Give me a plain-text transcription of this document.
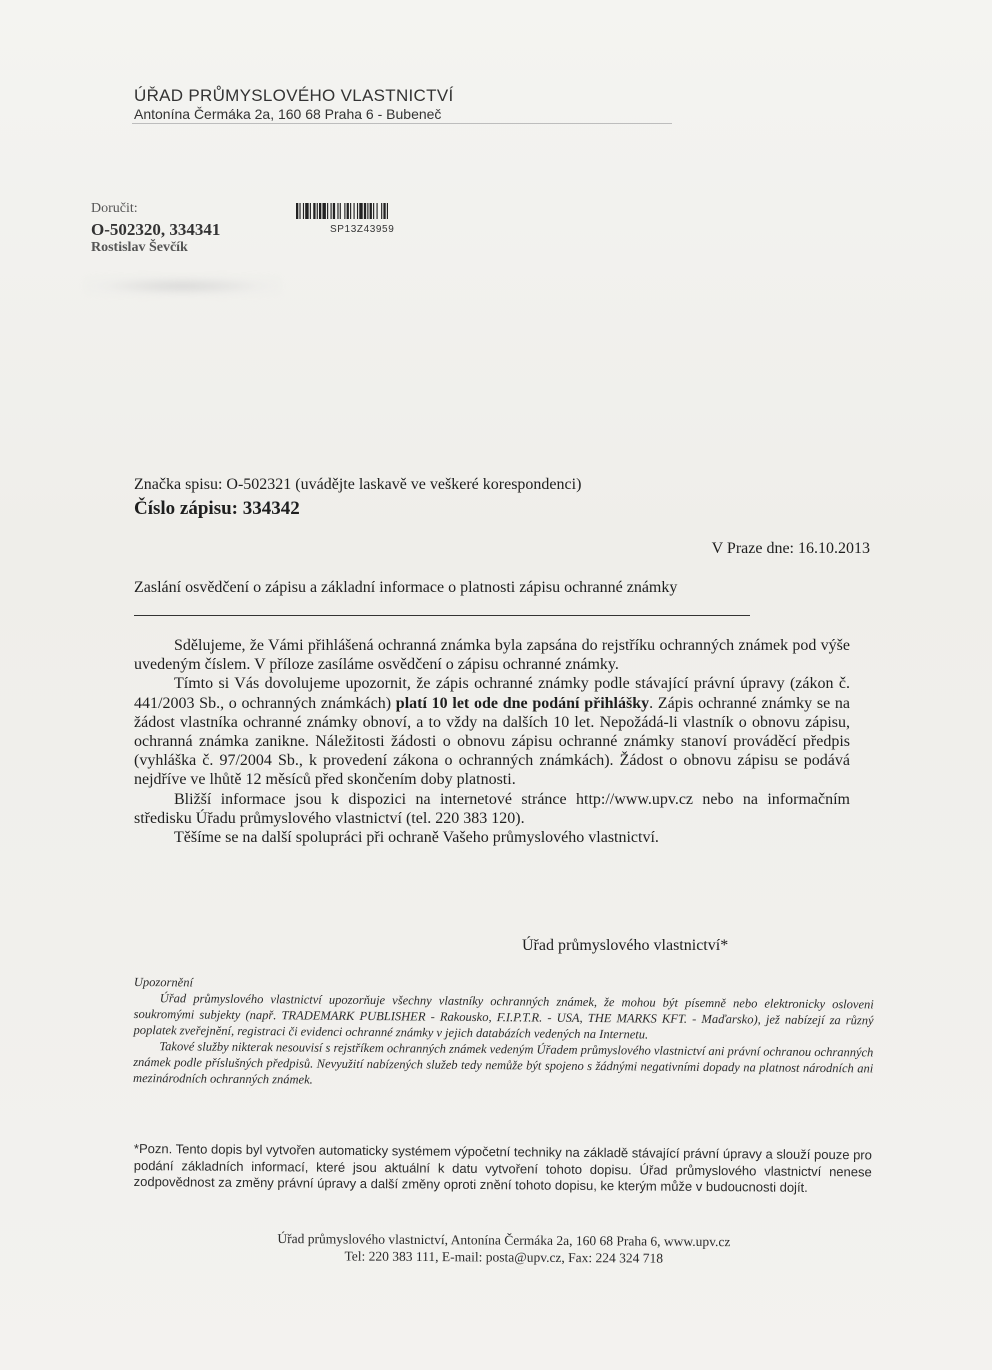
ÚŘAD PRŮMYSLOVÉHO VLASTNICTVÍ
Antonína Čermáka 2a, 160 68 Praha 6 - Bubeneč
Doručit:
O-502320, 334341
Rostislav Ševčík
SP13Z43959
Značka spisu: O-502321 (uvádějte laskavě ve veškeré korespondenci)
Číslo zápisu: 334342
V Praze dne: 16.10.2013
Zaslání osvědčení o zápisu a základní informace o platnosti zápisu ochranné známky

Sdělujeme, že Vámi přihlášená ochranná známka byla zapsána do rejstříku ochranných známek pod výše uvedeným číslem. V příloze zasíláme osvědčení o zápisu ochranné známky.

Tímto si Vás dovolujeme upozornit, že zápis ochranné známky podle stávající právní úpravy (zákon č. 441/2003 Sb., o ochranných známkách) platí 10 let ode dne podání přihlášky. Zápis ochranné známky se na žádost vlastníka ochranné známky obnoví, a to vždy na dalších 10 let. Nepožádá-li vlastník o obnovu zápisu, ochranná známka zanikne. Náležitosti žádosti o obnovu zápisu ochranné známky stanoví prováděcí předpis (vyhláška č. 97/2004 Sb., k provedení zákona o ochranných známkách). Žádost o obnovu zápisu se podává nejdříve ve lhůtě 12 měsíců před skončením doby platnosti.

Bližší informace jsou k dispozici na internetové stránce http://www.upv.cz nebo na informačním středisku Úřadu průmyslového vlastnictví (tel. 220 383 120).

Těšíme se na další spolupráci při ochraně Vašeho průmyslového vlastnictví.

Úřad průmyslového vlastnictví*

Upozornění

Úřad průmyslového vlastnictví upozorňuje všechny vlastníky ochranných známek, že mohou být písemně nebo elektronicky osloveni soukromými subjekty (např. TRADEMARK PUBLISHER - Rakousko, F.I.P.T.R. - USA, THE MARKS KFT. - Maďarsko), jež nabízejí za různý poplatek zveřejnění, registraci či evidenci ochranné známky v jejich databázích vedených na Internetu.

Takové služby nikterak nesouvisí s rejstříkem ochranných známek vedeným Úřadem průmyslového vlastnictví ani právní ochranou ochranných známek podle příslušných předpisů. Nevyužití nabízených služeb tedy nemůže být spojeno s žádnými negativními dopady na platnost národních ani mezinárodních ochranných známek.

*Pozn. Tento dopis byl vytvořen automaticky systémem výpočetní techniky na základě stávající právní úpravy a slouží pouze pro podání základních informací, které jsou aktuální k datu vytvoření tohoto dopisu. Úřad průmyslového vlastnictví nenese zodpovědnost za změny právní úpravy a další změny oproti znění tohoto dopisu, ke kterým může v budoucnosti dojít.
Úřad průmyslového vlastnictví, Antonína Čermáka 2a, 160 68 Praha 6, www.upv.cz
Tel: 220 383 111, E-mail: posta@upv.cz, Fax: 224 324 718
